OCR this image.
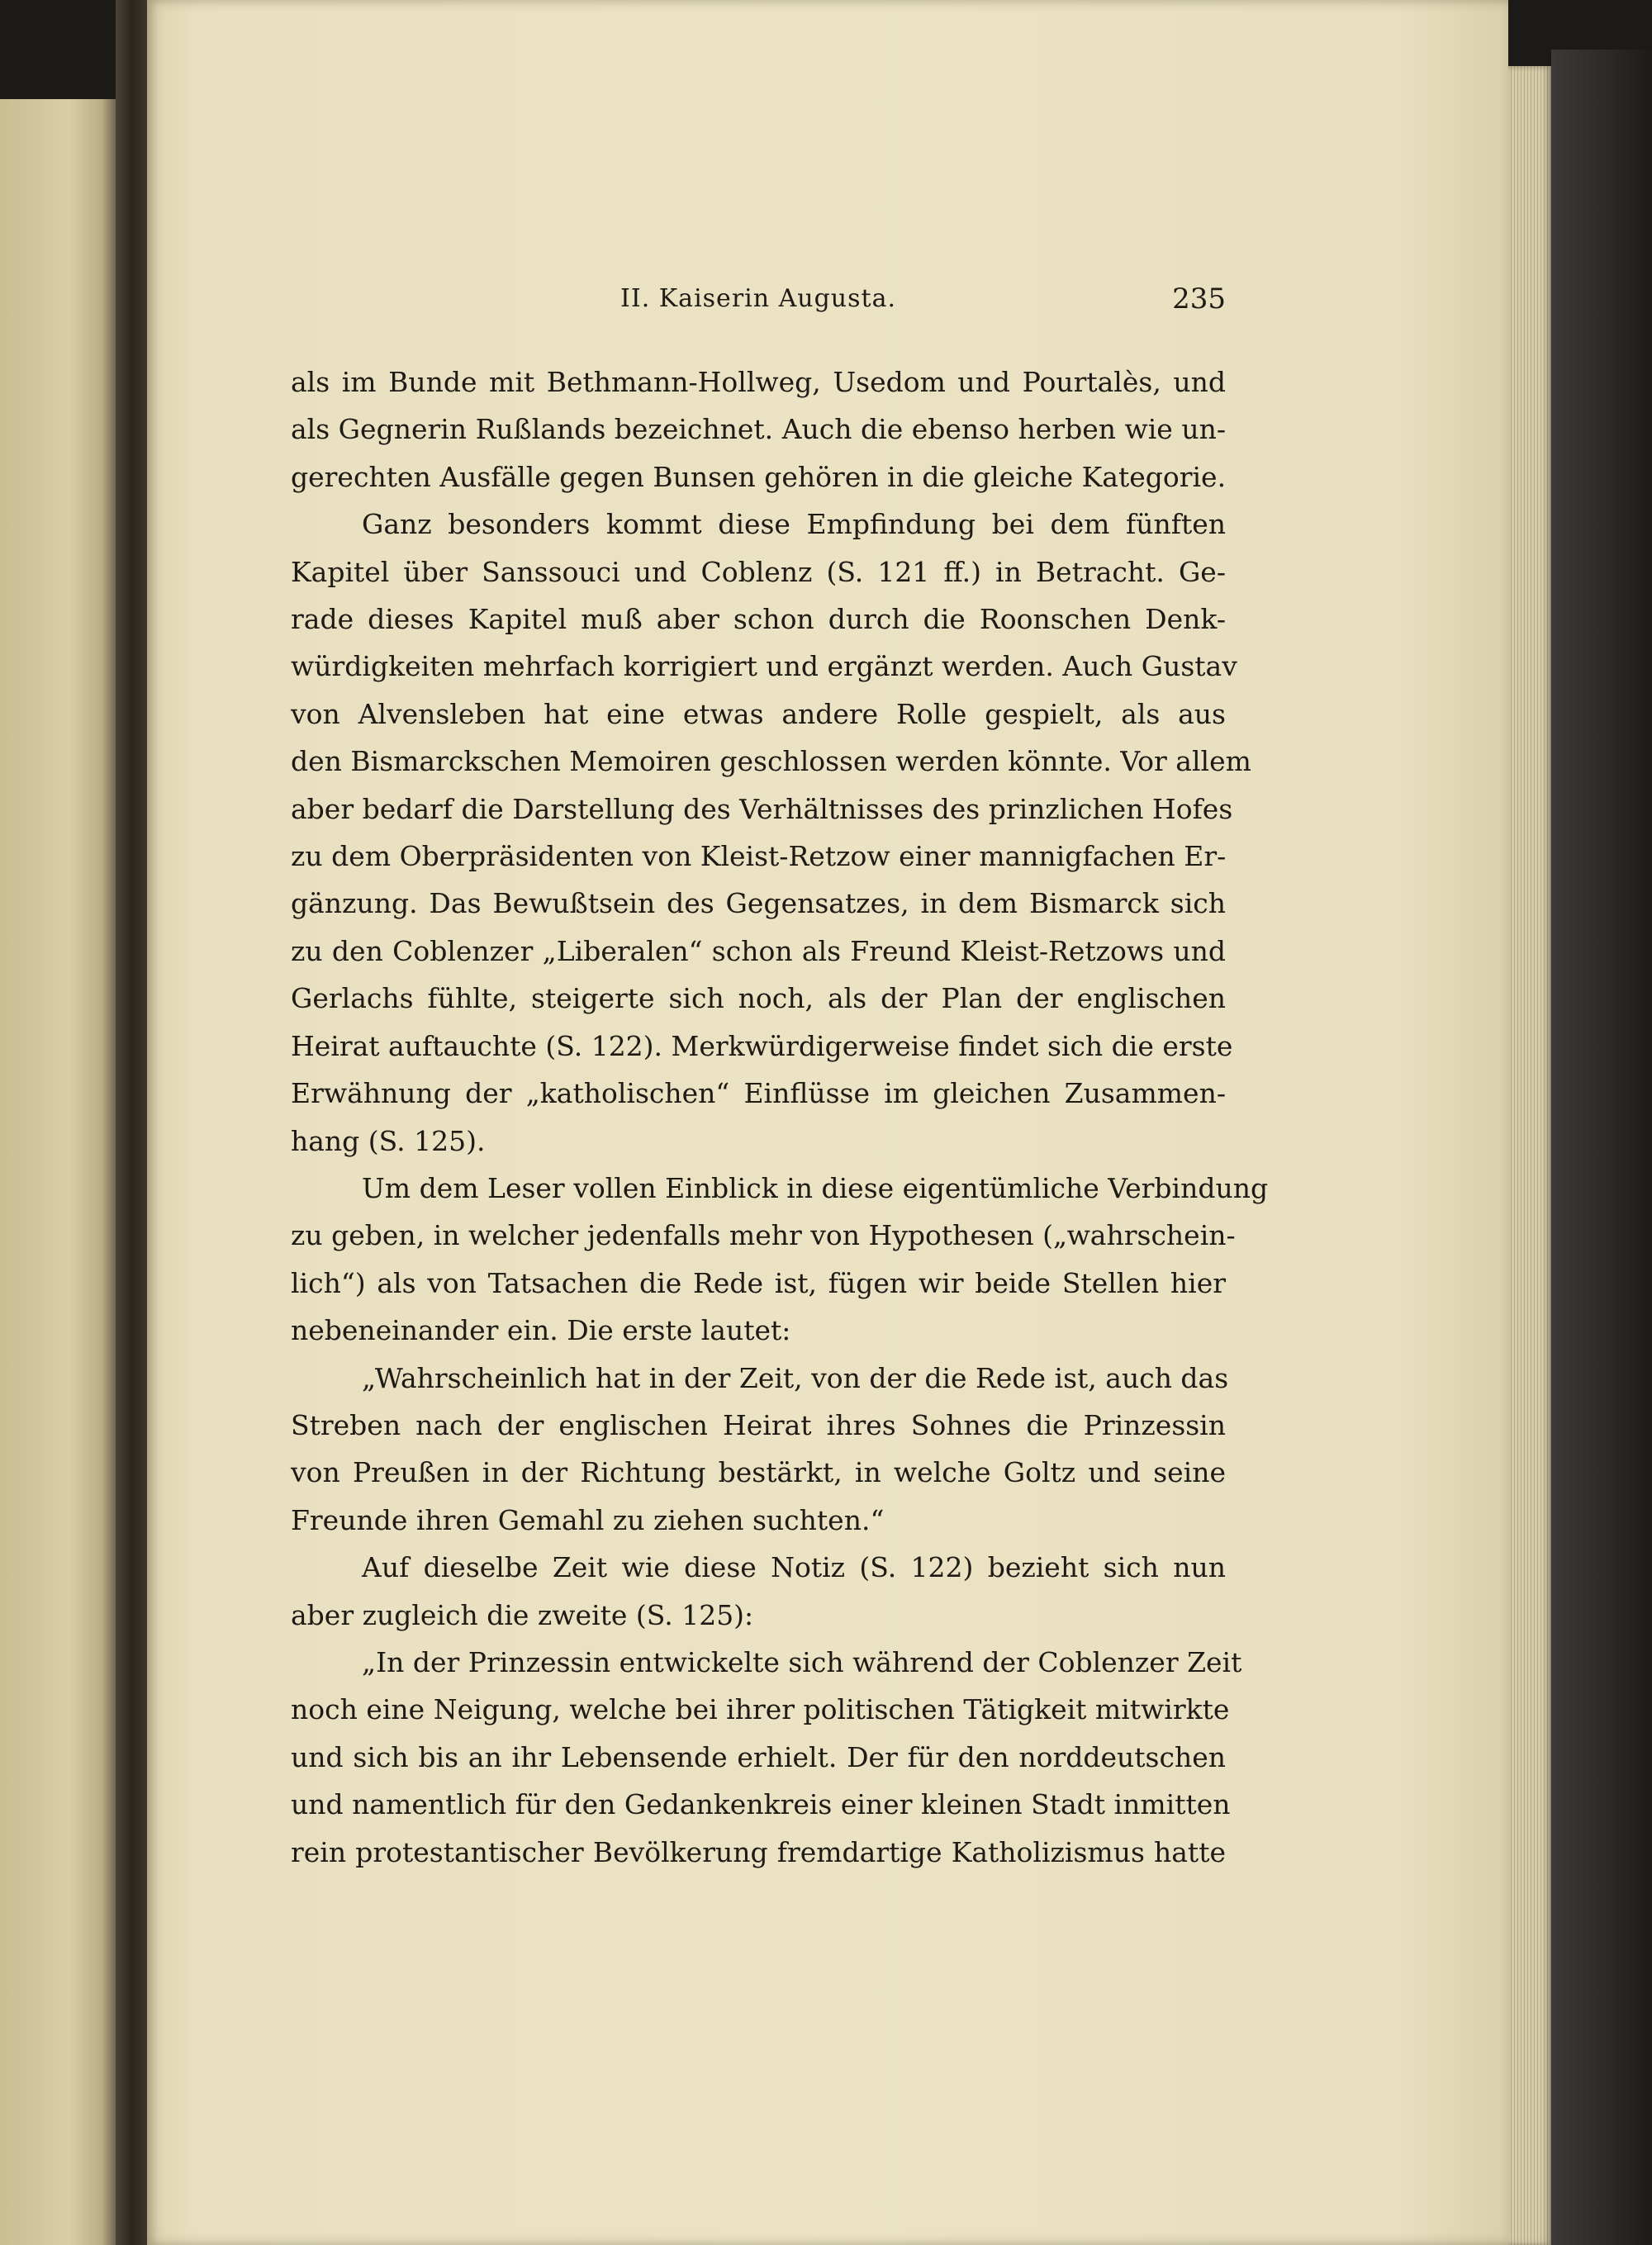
II. Kaiserin Augusta.	235
als im Bunde mit Bethmann-Hollweg, Usedom und Pourtalès, und
als Gegnerin Rußlands bezeichnet. Auch die ebenso herben wie un-
gerechten Ausfälle gegen Bunsen gehören in die gleiche Kategorie.
Ganz besonders kommt diese Empfindung bei dem fünften
Kapitel über Sanssouci und Coblenz (S. 121 ff.) in Betracht. Ge-
rade dieses Kapitel muß aber schon durch die Roonschen Denk-
würdigkeiten mehrfach korrigiert und ergänzt werden. Auch Gustav
von Alvensleben hat eine etwas andere Rolle gespielt, als aus
den Bismarckschen Memoiren geschlossen werden könnte. Vor allem
aber bedarf die Darstellung des Verhältnisses des prinzlichen Hofes
zu dem Oberpräsidenten von Kleist-Retzow einer mannigfachen Er-
gänzung. Das Bewußtsein des Gegensatzes, in dem Bismarck sich
zu den Coblenzer „Liberalen“ schon als Freund Kleist-Retzows und
Gerlachs fühlte, steigerte sich noch, als der Plan der englischen
Heirat auftauchte (S. 122). Merkwürdigerweise findet sich die erste
Erwähnung der „katholischen“ Einflüsse im gleichen Zusammen-
hang (S. 125).
Um dem Leser vollen Einblick in diese eigentümliche Verbindung
zu geben, in welcher jedenfalls mehr von Hypothesen („wahrschein-
lich“) als von Tatsachen die Rede ist, fügen wir beide Stellen hier
nebeneinander ein. Die erste lautet:
„Wahrscheinlich hat in der Zeit, von der die Rede ist, auch das
Streben nach der englischen Heirat ihres Sohnes die Prinzessin
von Preußen in der Richtung bestärkt, in welche Goltz und seine
Freunde ihren Gemahl zu ziehen suchten.“
Auf dieselbe Zeit wie diese Notiz (S. 122) bezieht sich nun
aber zugleich die zweite (S. 125):
„In der Prinzessin entwickelte sich während der Coblenzer Zeit
noch eine Neigung, welche bei ihrer politischen Tätigkeit mitwirkte
und sich bis an ihr Lebensende erhielt. Der für den norddeutschen
und namentlich für den Gedankenkreis einer kleinen Stadt inmitten
rein protestantischer Bevölkerung fremdartige Katholizismus hatte
